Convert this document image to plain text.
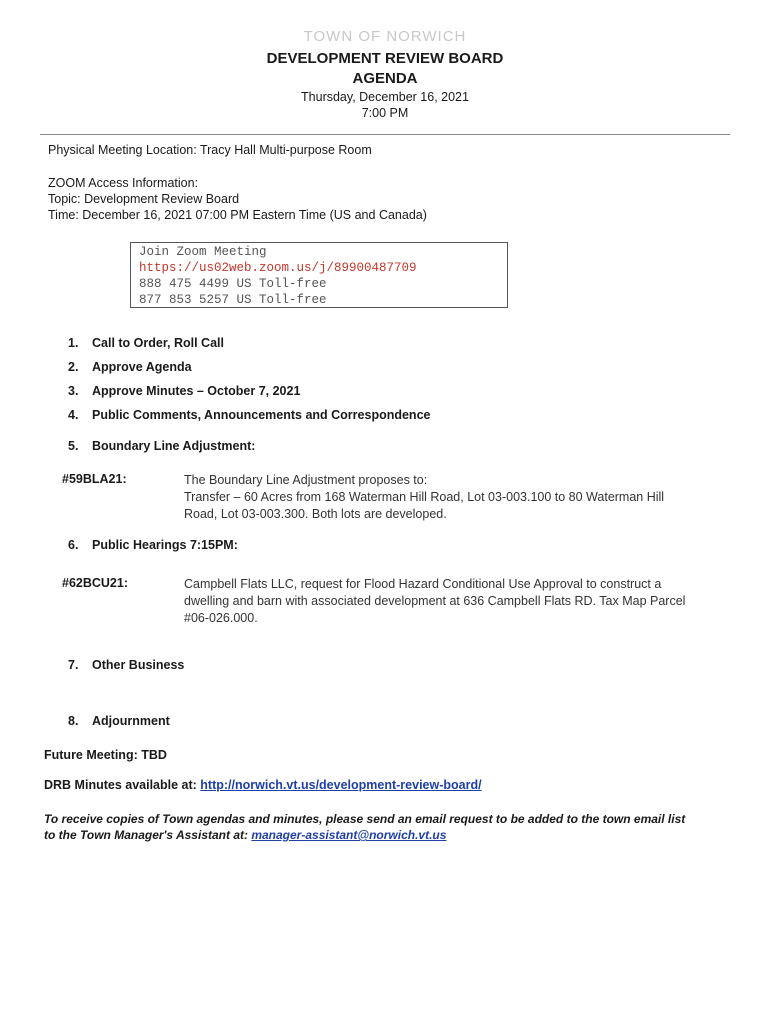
TOWN OF NORWICH
DEVELOPMENT REVIEW BOARD
AGENDA
Thursday, December 16, 2021
7:00 PM
Physical Meeting Location: Tracy Hall Multi-purpose Room
ZOOM Access Information:
Topic: Development Review Board
Time: December 16, 2021 07:00 PM Eastern Time (US and Canada)
Join Zoom Meeting
https://us02web.zoom.us/j/89900487709
888 475 4499 US Toll-free
877 853 5257 US Toll-free
1. Call to Order, Roll Call
2. Approve Agenda
3. Approve Minutes – October 7, 2021
4. Public Comments, Announcements and Correspondence
5. Boundary Line Adjustment:
#59BLA21:	The Boundary Line Adjustment proposes to:
Transfer – 60 Acres from 168 Waterman Hill Road, Lot 03-003.100 to 80 Waterman Hill
Road, Lot 03-003.300. Both lots are developed.
6. Public Hearings 7:15PM:
#62BCU21:	Campbell Flats LLC, request for Flood Hazard Conditional Use Approval to construct a
dwelling and barn with associated development at 636 Campbell Flats RD. Tax Map Parcel
#06-026.000.
7. Other Business
8. Adjournment
Future Meeting: TBD
DRB Minutes available at: http://norwich.vt.us/development-review-board/
To receive copies of Town agendas and minutes, please send an email request to be added to the town email list
to the Town Manager's Assistant at: manager-assistant@norwich.vt.us
